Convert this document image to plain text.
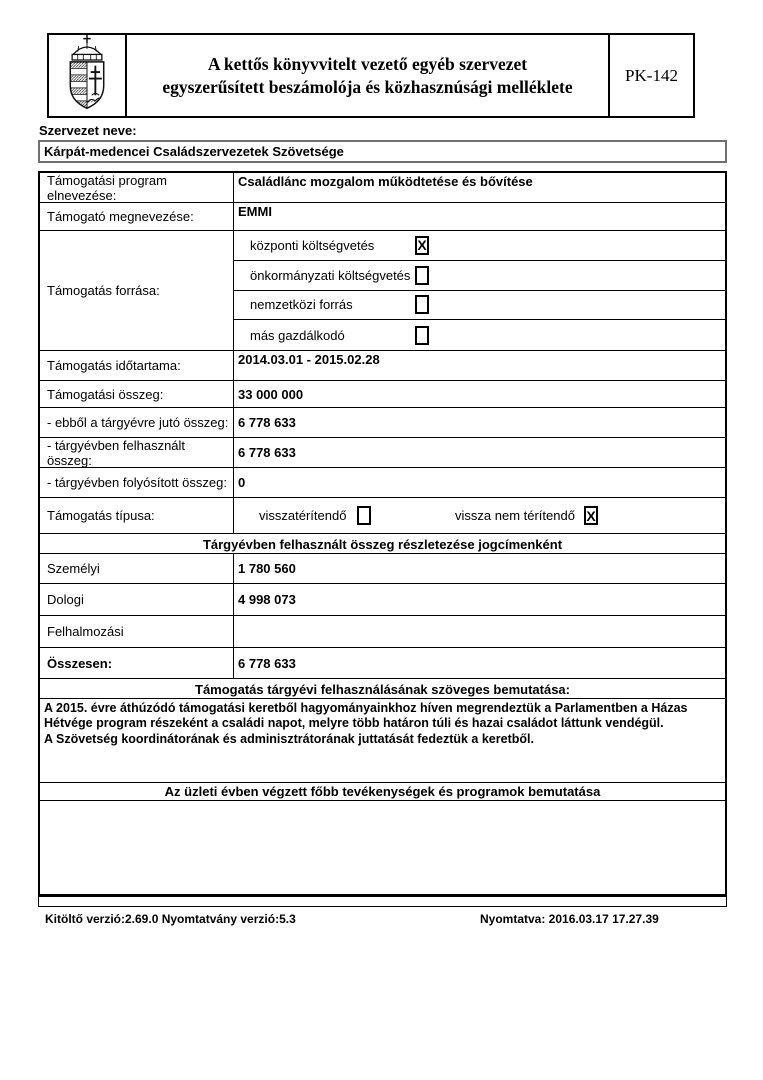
A kettős könyvvitelt vezető egyéb szervezet
egyszerűsített beszámolója és közhasznúsági melléklete
PK-142
Szervezet neve:
Kárpát-medencei Családszervezetek Szövetsége
Támogatási program elnevezése:
Családlánc mozgalom működtetése és bővítése
Támogató megnevezése:	EMMI
Támogatás forrása:
központi költségvetés	X
önkormányzati költségvetés
nemzetközi forrás
más gazdálkodó
Támogatás időtartama:	2014.03.01 - 2015.02.28
Támogatási összeg:	33 000 000
- ebből a tárgyévre jutó összeg: 6 778 633
- tárgyévben felhasznált összeg:	6 778 633
- tárgyévben folyósított összeg: 0
Támogatás típusa:	visszatérítendő	vissza nem térítendő X
Tárgyévben felhasznált összeg részletezése jogcímenként
Személyi	1 780 560
Dologi	4 998 073
Felhalmozási
Összesen:	6 778 633
Támogatás tárgyévi felhasználásának szöveges bemutatása:
A 2015. évre áthúzódó támogatási keretből hagyományainkhoz híven megrendeztük a Parlamentben a Házas Hétvége program részeként a családi napot, melyre több határon túli és hazai családot láttunk vendégül.
A Szövetség koordinátorának és adminisztrátorának juttatását fedeztük a keretből.
Az üzleti évben végzett főbb tevékenységek és programok bemutatása
Kitöltő verzió:2.69.0 Nyomtatvány verzió:5.3	Nyomtatva: 2016.03.17 17.27.39
